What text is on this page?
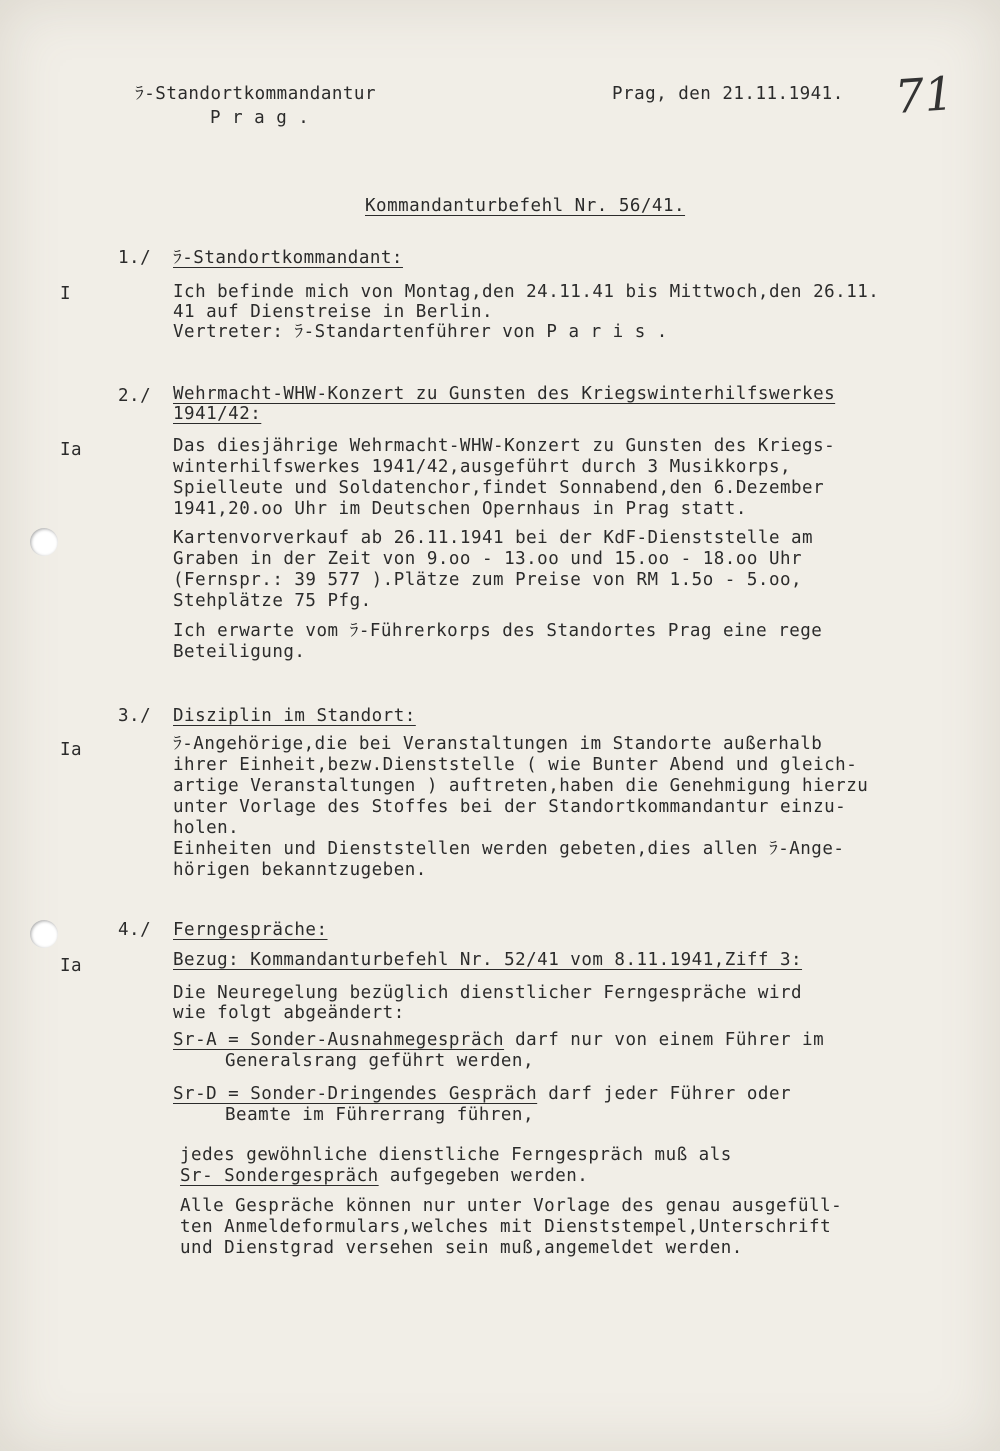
ﾗ-Standortkommandantur
P r a g .
Prag, den 21.11.1941. 71
Kommandanturbefehl Nr. 56/41.
1./ ﾗ-Standortkommandant:
I	Ich befinde mich von Montag,den 24.11.41 bis Mittwoch,den 26.11.
41 auf Dienstreise in Berlin.
Vertreter: ﾗ-Standartenführer von P a r i s .
2./ Wehrmacht-WHW-Konzert zu Gunsten des Kriegswinterhilfswerkes
1941/42:
Ia	Das diesjährige Wehrmacht-WHW-Konzert zu Gunsten des Kriegs-
winterhilfswerkes 1941/42,ausgeführt durch 3 Musikkorps,
Spielleute und Soldatenchor,findet Sonnabend,den 6.Dezember
1941,20.oo Uhr im Deutschen Opernhaus in Prag statt.
Kartenvorverkauf ab 26.11.1941 bei der KdF-Dienststelle am
Graben in der Zeit von 9.oo - 13.oo und 15.oo - 18.oo Uhr
(Fernspr.: 39 577 ).Plätze zum Preise von RM 1.5o - 5.oo,
Stehplätze 75 Pfg.
Ich erwarte vom ﾗ-Führerkorps des Standortes Prag eine rege
Beteiligung.
3./ Disziplin im Standort:
Ia	ﾗ-Angehörige,die bei Veranstaltungen im Standorte außerhalb
ihrer Einheit,bezw.Dienststelle ( wie Bunter Abend und gleich-
artige Veranstaltungen ) auftreten,haben die Genehmigung hierzu
unter Vorlage des Stoffes bei der Standortkommandantur einzu-
holen.
Einheiten und Dienststellen werden gebeten,dies allen ﾗ-Ange-
hörigen bekanntzugeben.
4./ Ferngespräche:
Ia	Bezug: Kommandanturbefehl Nr. 52/41 vom 8.11.1941,Ziff 3:
Die Neuregelung bezüglich dienstlicher Ferngespräche wird
wie folgt abgeändert:
Sr-A = Sonder-Ausnahmegespräch darf nur von einem Führer im
Generalsrang geführt werden,
Sr-D = Sonder-Dringendes Gespräch darf jeder Führer oder
Beamte im Führerrang führen,
jedes gewöhnliche dienstliche Ferngespräch muß als
Sr- Sondergespräch aufgegeben werden.
Alle Gespräche können nur unter Vorlage des genau ausgefüll-
ten Anmeldeformulars,welches mit Dienststempel,Unterschrift
und Dienstgrad versehen sein muß,angemeldet werden.
